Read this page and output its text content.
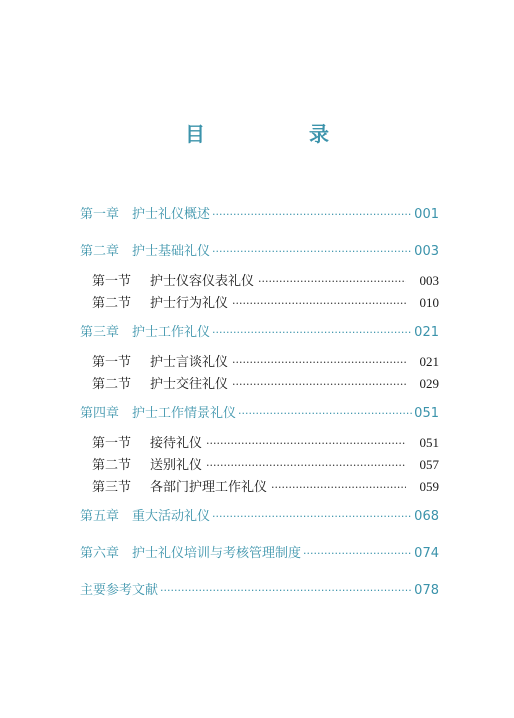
目　录
第一章 护士礼仪概述 ·····	001
第二章 护士基础礼仪 ·····	003
第一节 护士仪容仪表礼仪 ·····	003
第二节 护士行为礼仪 ·····	010
第三章 护士工作礼仪 ·····	021
第一节 护士言谈礼仪 ·····	021
第二节 护士交往礼仪 ·····	029
第四章 护士工作情景礼仪 ·····	051
第一节 接待礼仪 ·····	051
第二节 送别礼仪 ·····	057
第三节 各部门护理工作礼仪 ·····	059
第五章 重大活动礼仪 ·····	068
第六章 护士礼仪培训与考核管理制度 ·····	074
主要参考文献 ·····	078
